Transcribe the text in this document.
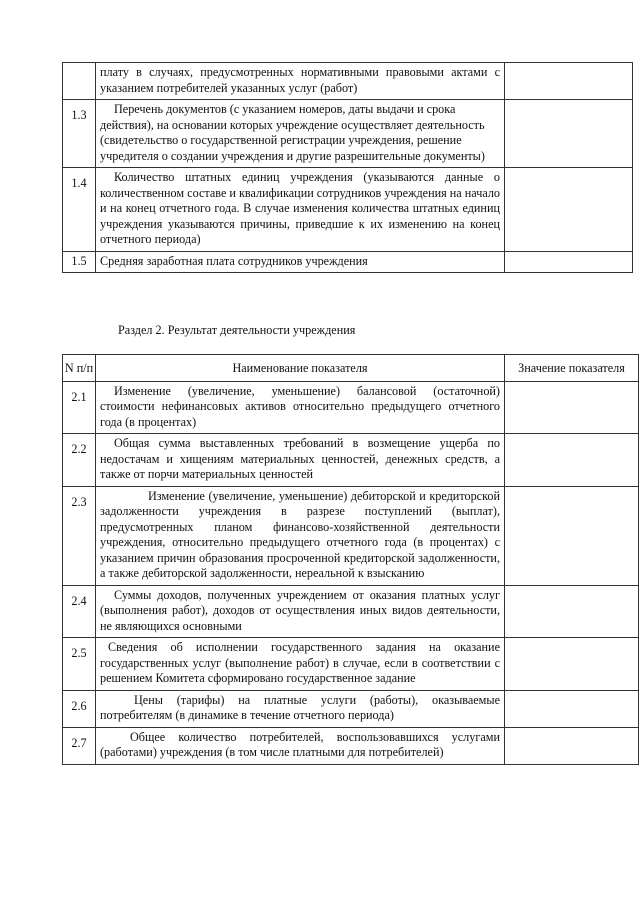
	плату в случаях, предусмотренных нормативными правовыми актами с указанием потребителей указанных услуг (работ)	
1.3	Перечень документов (с указанием номеров, даты выдачи и срока действия), на основании которых учреждение осуществляет деятельность (свидетельство о государственной регистрации учреждения, решение учредителя о создании учреждения и другие разрешительные документы)	

1.4	Количество штатных единиц учреждения (указываются данные о количественном составе и квалификации сотрудников учреждения на начало и на конец отчетного года. В случае изменения количества штатных единиц учреждения указываются причины, приведшие к их изменению на конец отчетного периода)	

1.5	Средняя заработная плата сотрудников учреждения	

Раздел 2. Результат деятельности учреждения

N п/п	Наименование показателя	Значение показателя
2.1	Изменение (увеличение, уменьшение) балансовой (остаточной) стоимости нефинансовых активов относительно предыдущего отчетного года (в процентах)	

2.2	Общая сумма выставленных требований в возмещение ущерба по недостачам и хищениям материальных ценностей, денежных средств, а также от порчи материальных ценностей	

2.3	Изменение (увеличение, уменьшение) дебиторской и кредиторской задолженности учреждения в разрезе поступлений (выплат), предусмотренных планом финансово-хозяйственной деятельности учреждения, относительно предыдущего отчетного года (в процентах) с указанием причин образования просроченной кредиторской задолженности, а также дебиторской задолженности, нереальной к взысканию	

2.4	Суммы доходов, полученных учреждением от оказания платных услуг (выполнения работ), доходов от осуществления иных видов деятельности, не являющихся основными	

2.5	Сведения об исполнении государственного задания на оказание государственных услуг (выполнение работ) в случае, если в соответствии с решением Комитета сформировано государственное задание	

2.6	Цены (тарифы) на платные услуги (работы), оказываемые потребителям (в динамике в течение отчетного периода)	

2.7	Общее количество потребителей, воспользовавшихся услугами (работами) учреждения (в том числе платными для потребителей)	
